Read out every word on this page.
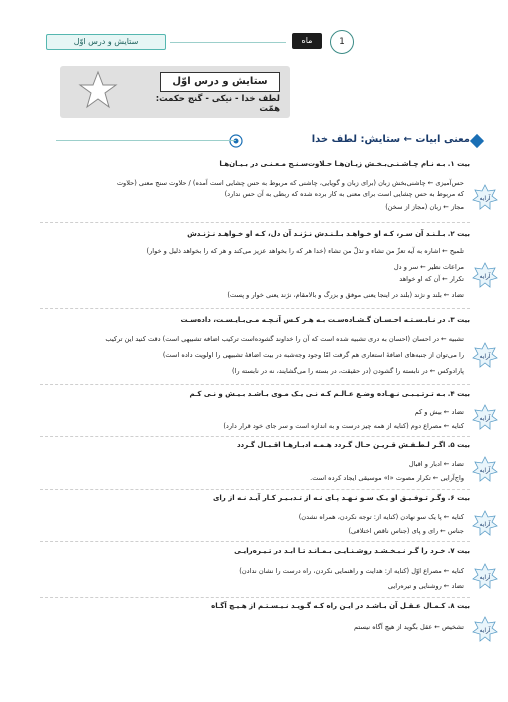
ستایش و درس اوّل	ماه	1
ستایش و درس اوّل
لطف خدا - نیکی - گنج حکمت: همّت
معنی ابیات ← ستایش: لطف خدا
بیت ۱. بـه نـام چـاشـنـی‌بـخـش زبـان‌هـا حـلاوت‌سـنـج مـعـنـی در بـیـان‌هـا
حس‌آمیزی ← چاشنی‌بخش زبان (برای زبان و گویایی، چاشنی که مربوط به حس چشایی است آمده) / حلاوت سنج معنی (حلاوت
که مربوط به حس چشایی است برای معنی به کار برده شده که ربطی به آن حس ندارد)
مجاز ← زبان (مجاز از سخن)
آرایه
بیت ۲. بـلـنـد آن سـر، کـه او خـواهـد بـلـنـدش نـژنـد آن دل، کـه او خـواهـد نـژنـدش
تلمیح ← اشاره به آیه تعزّ من تشاء و تذلّ من تشاء (خدا هر که را بخواهد عزیز می‌کند و هر که را بخواهد ذلیل و خوار)
مراعات نظیر ← سر و دل
تکرار ← آن که او خواهد
تضاد ← بلند و نژند (بلند در اینجا یعنی موفق و بزرگ و بالامقام، نژند یعنی خوار و پست)
آرایه
بیت ۳. در نـابـسـتـه احـسـان گـشـاده‌سـت بـه هـر کـس آنـچـه مـی‌بـایـسـت، داده‌سـت
تشبیه ← در احسان (احسان به دری تشبیه شده است که آن را خداوند گشوده‌است ترکیب اضافه تشبیهی است) دقت کنید این ترکیب
را می‌توان از جنبه‌های اضافهٔ استعاری هم گرفت امّا وجود وجه‌شبه در بیت اضافهٔ تشبیهی را اولویت داده است)
پارادوکس ← در نابسته را گشودن (در حقیقت، در بسته را می‌گشایند، نه در نابسته را)
آرایه
بیت ۴. بـه تـرتـیـبـی نـهـاده وضـع عـالـم کـه نـی یـک مـوی بـاشـد بـیـش و نـی کـم
تضاد ← بیش و کم
کنایه ← مصراع دوم (کنایه از همه چیز درست و به اندازه است و سر جای خود قرار دارد)
آرایه
بیت ۵. اگـر لـطـفـش قـریـن حـال گـردد هـمـه ادبـارهـا اقـبـال گـردد
تضاد ← ادبار و اقبال
واج‌آرایی ← تکرار مصوت «ا» موسیقی ایجاد کرده است.
آرایه
بیت ۶. وگـر تـوفـیـق او یـک سـو نـهـد پـای نـه از تـدبـیـر کـار آیـد نـه از رای
کنایه ← پا یک سو نهادن (کنایه از: توجه نکردن، همراه نشدن)
جناس ← رای و پای (جناس ناقص اختلافی)
آرایه
بیت ۷. خـرد را گـر نـبـخـشـد روشـنـایـی بـمـانـد تـا ابـد در تـیـره‌رایـی
کنایه ← مصراع اوّل (کنایه از: هدایت و راهنمایی نکردن، راه درست را نشان ندادن)
تضاد ← روشنایی و تیره‌رایی
آرایه
بیت ۸. کـمـال عـقـل آن بـاشـد در ایـن راه کـه گـویـد نـیـسـتـم از هـیـچ آگـاه
تشخیص ← عقل بگوید از هیچ آگاه نیستم	آرایه
